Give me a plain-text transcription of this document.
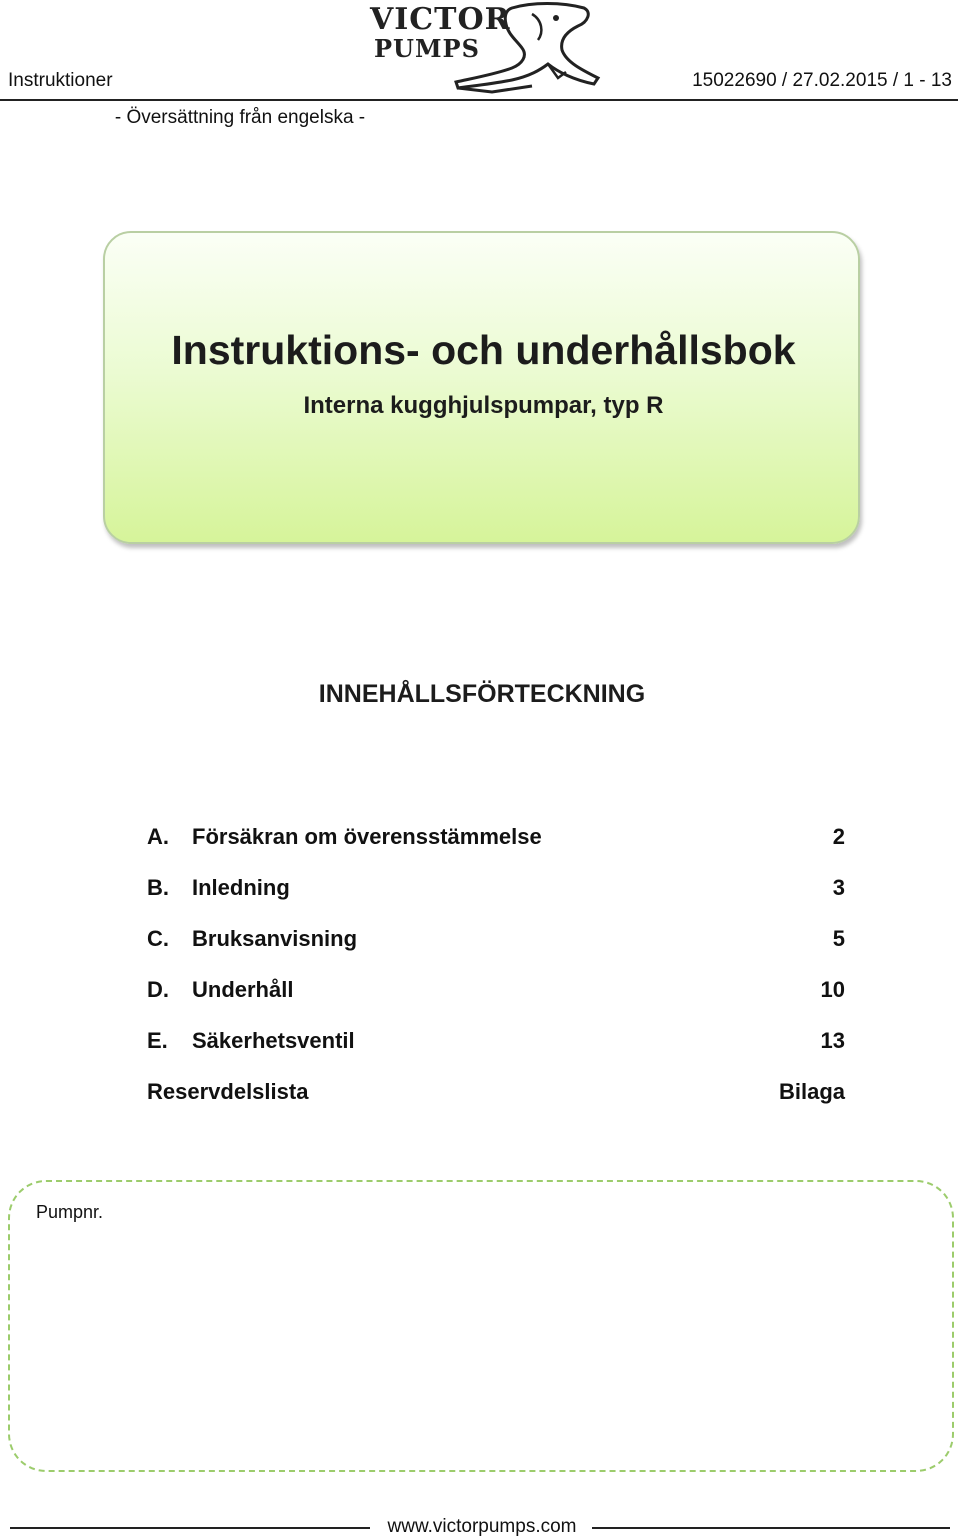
Instruktioner	15022690 / 27.02.2015 / 1 - 13
VICTOR
PUMPS
- Översättning från engelska -
Instruktions- och underhållsbok
Interna kugghjulspumpar, typ R
INNEHÅLLSFÖRTECKNING
A. Försäkran om överensstämmelse	2
B. Inledning	3
C. Bruksanvisning	5
D. Underhåll	10
E. Säkerhetsventil	13
Reservdelslista	Bilaga
Pumpnr.
www.victorpumps.com
